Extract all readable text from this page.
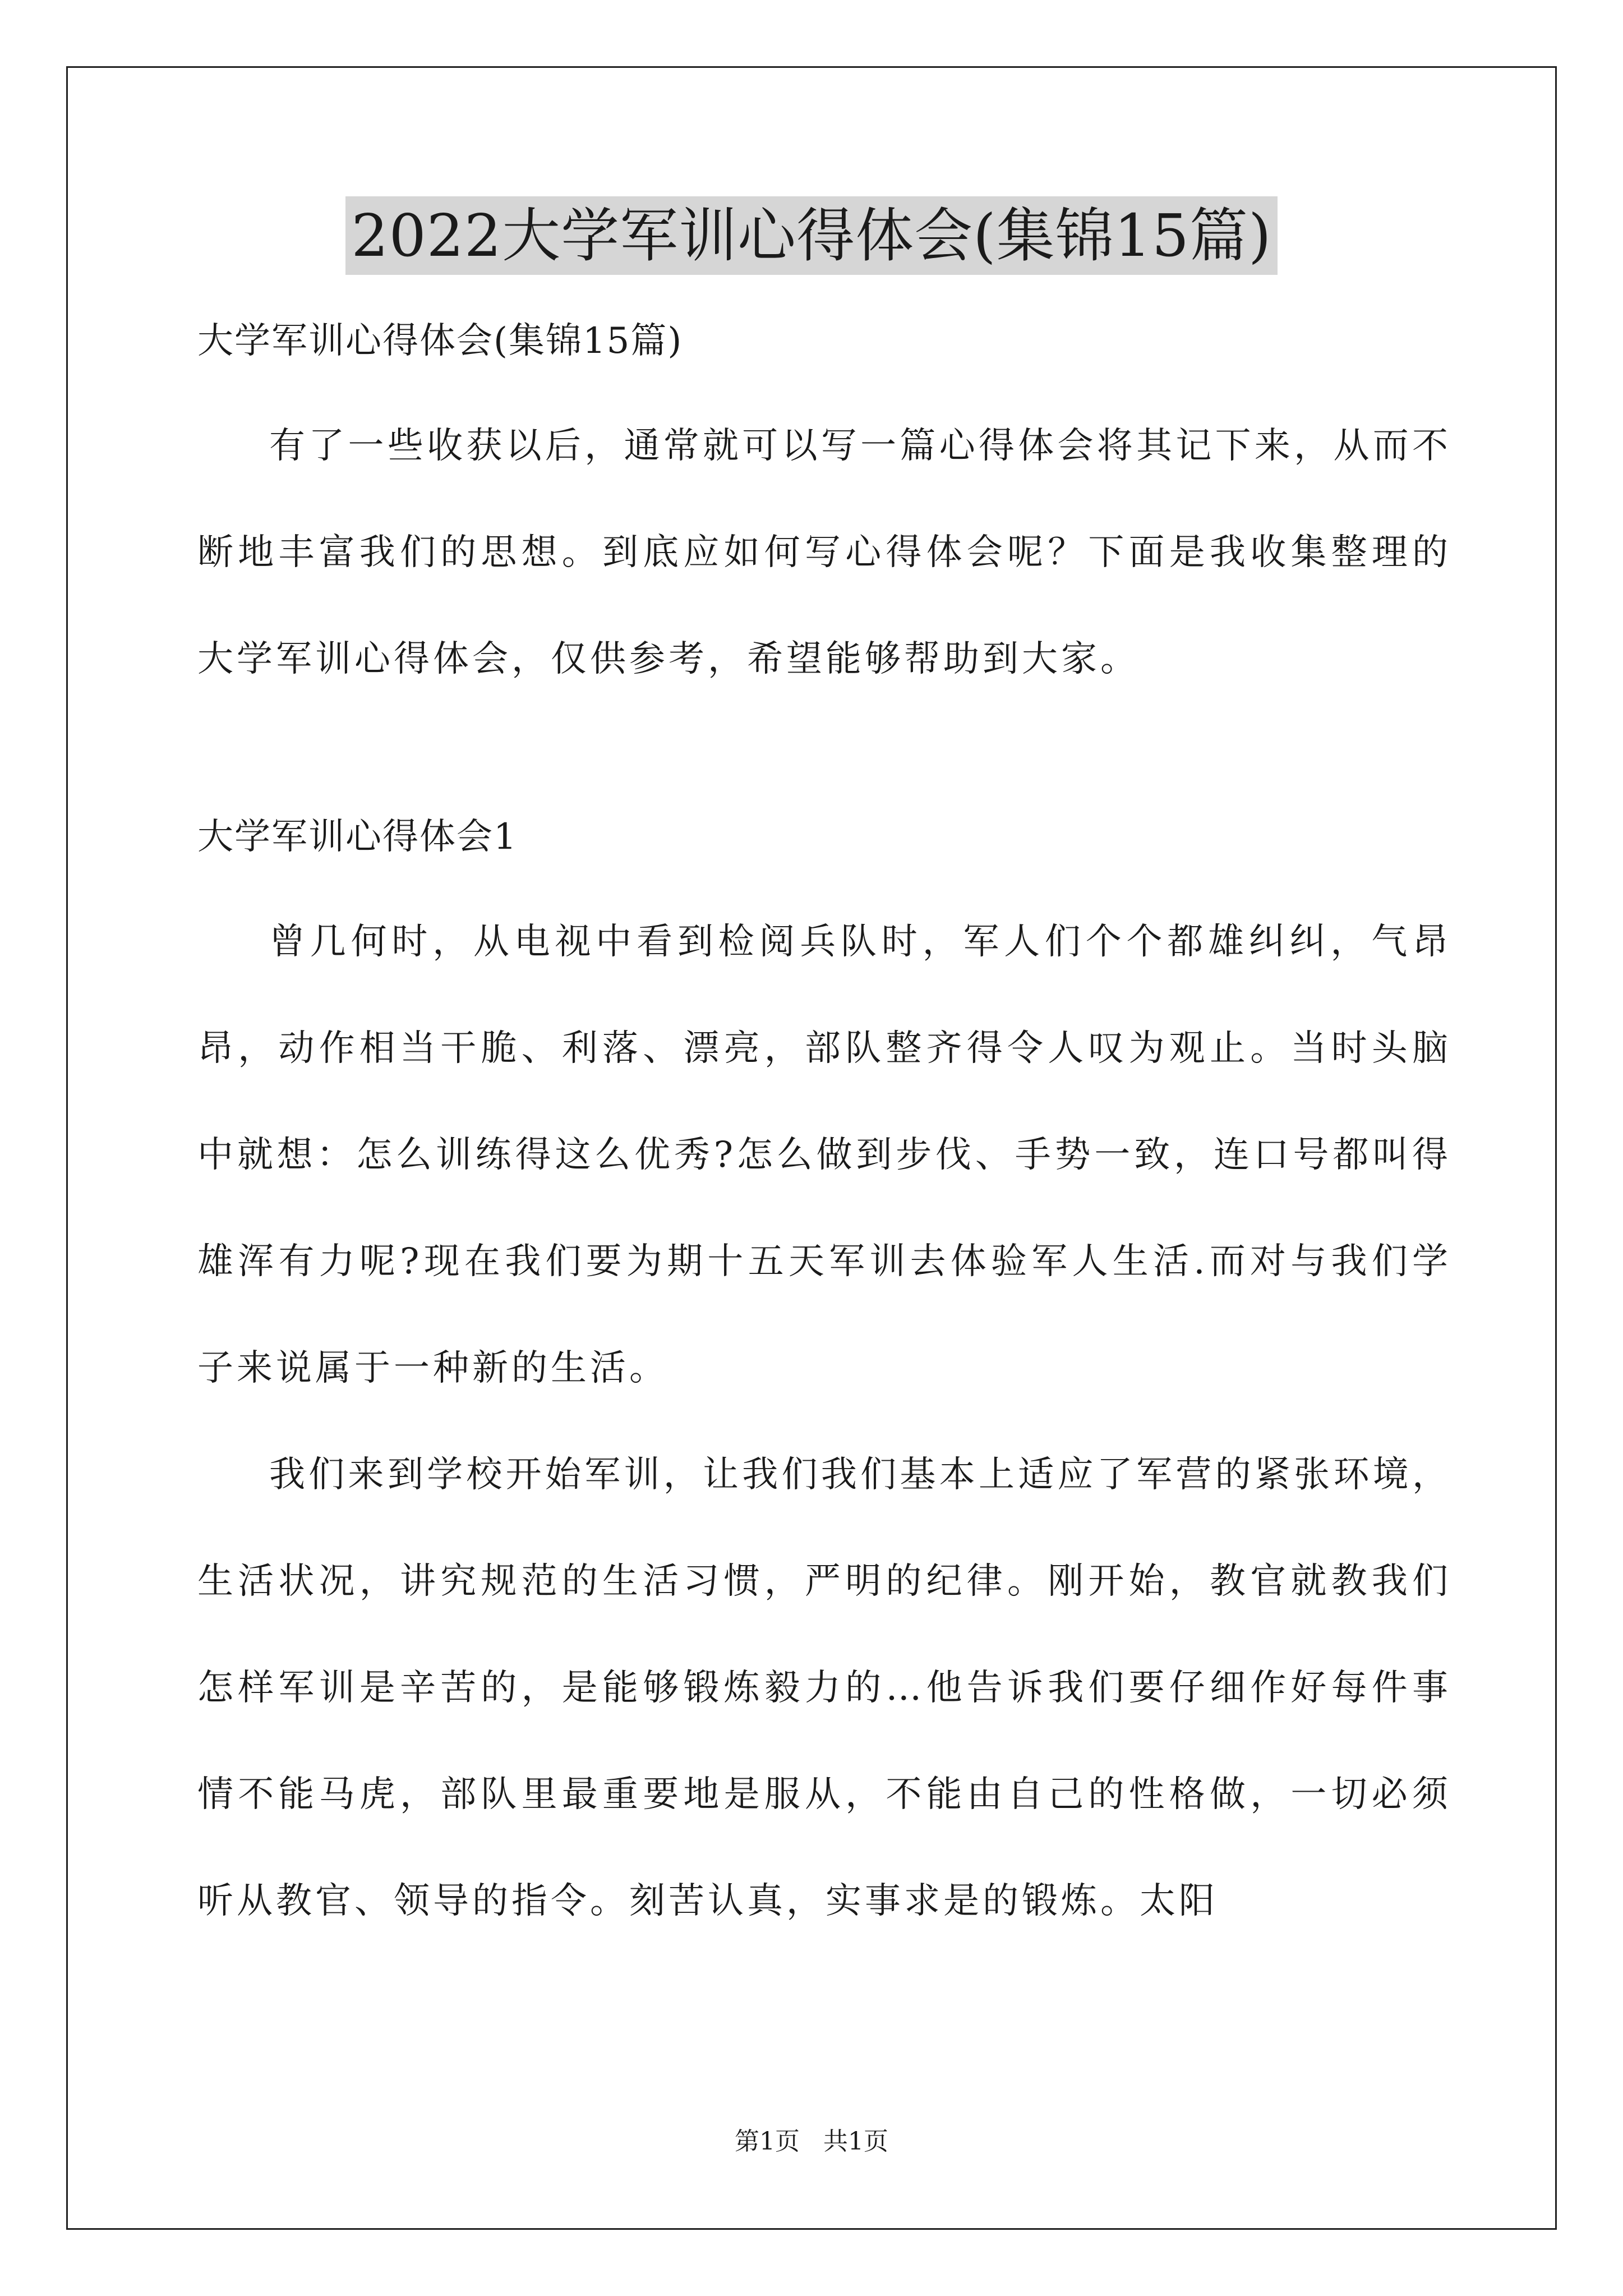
2022大学军训心得体会(集锦15篇)

大学军训心得体会(集锦15篇)

有了一些收获以后，通常就可以写一篇心得体会将其记下来，从而不断地丰富我们的思想。到底应如何写心得体会呢？下面是我收集整理的大学军训心得体会，仅供参考，希望能够帮助到大家。

大学军训心得体会1

曾几何时，从电视中看到检阅兵队时，军人们个个都雄纠纠，气昂昂，动作相当干脆、利落、漂亮，部队整齐得令人叹为观止。当时头脑中就想：怎么训练得这么优秀?怎么做到步伐、手势一致，连口号都叫得雄浑有力呢?现在我们要为期十五天军训去体验军人生活.而对与我们学子来说属于一种新的生活。

我们来到学校开始军训，让我们我们基本上适应了军营的紧张环境，生活状况，讲究规范的生活习惯，严明的纪律。刚开始，教官就教我们怎样军训是辛苦的，是能够锻炼毅力的…他告诉我们要仔细作好每件事情不能马虎，部队里最重要地是服从，不能由自己的性格做，一切必须听从教官、领导的指令。刻苦认真，实事求是的锻炼。太阳

第1页   共1页
